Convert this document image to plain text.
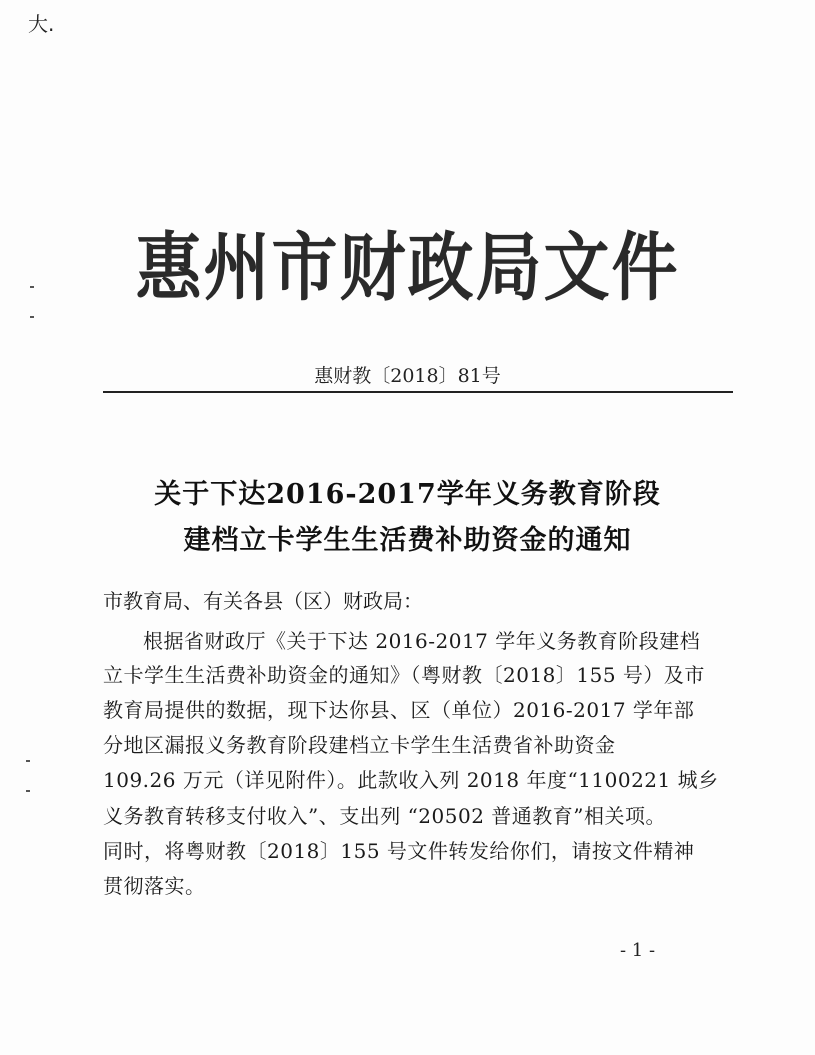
大.
惠州市财政局文件
惠财教〔2018〕81号
关于下达2016-2017学年义务教育阶段
建档立卡学生生活费补助资金的通知
市教育局、有关各县（区）财政局：
根据省财政厅《关于下达 2016-2017 学年义务教育阶段建档
立卡学生生活费补助资金的通知》（粤财教〔2018〕155 号）及市
教育局提供的数据，现下达你县、区（单位）2016-2017 学年部
分地区漏报义务教育阶段建档立卡学生生活费省补助资金
109.26 万元（详见附件）。此款收入列 2018 年度“1100221 城乡
义务教育转移支付收入”、支出列 “20502 普通教育”相关项。
同时，将粤财教〔2018〕155 号文件转发给你们，请按文件精神
贯彻落实。
- 1 -
